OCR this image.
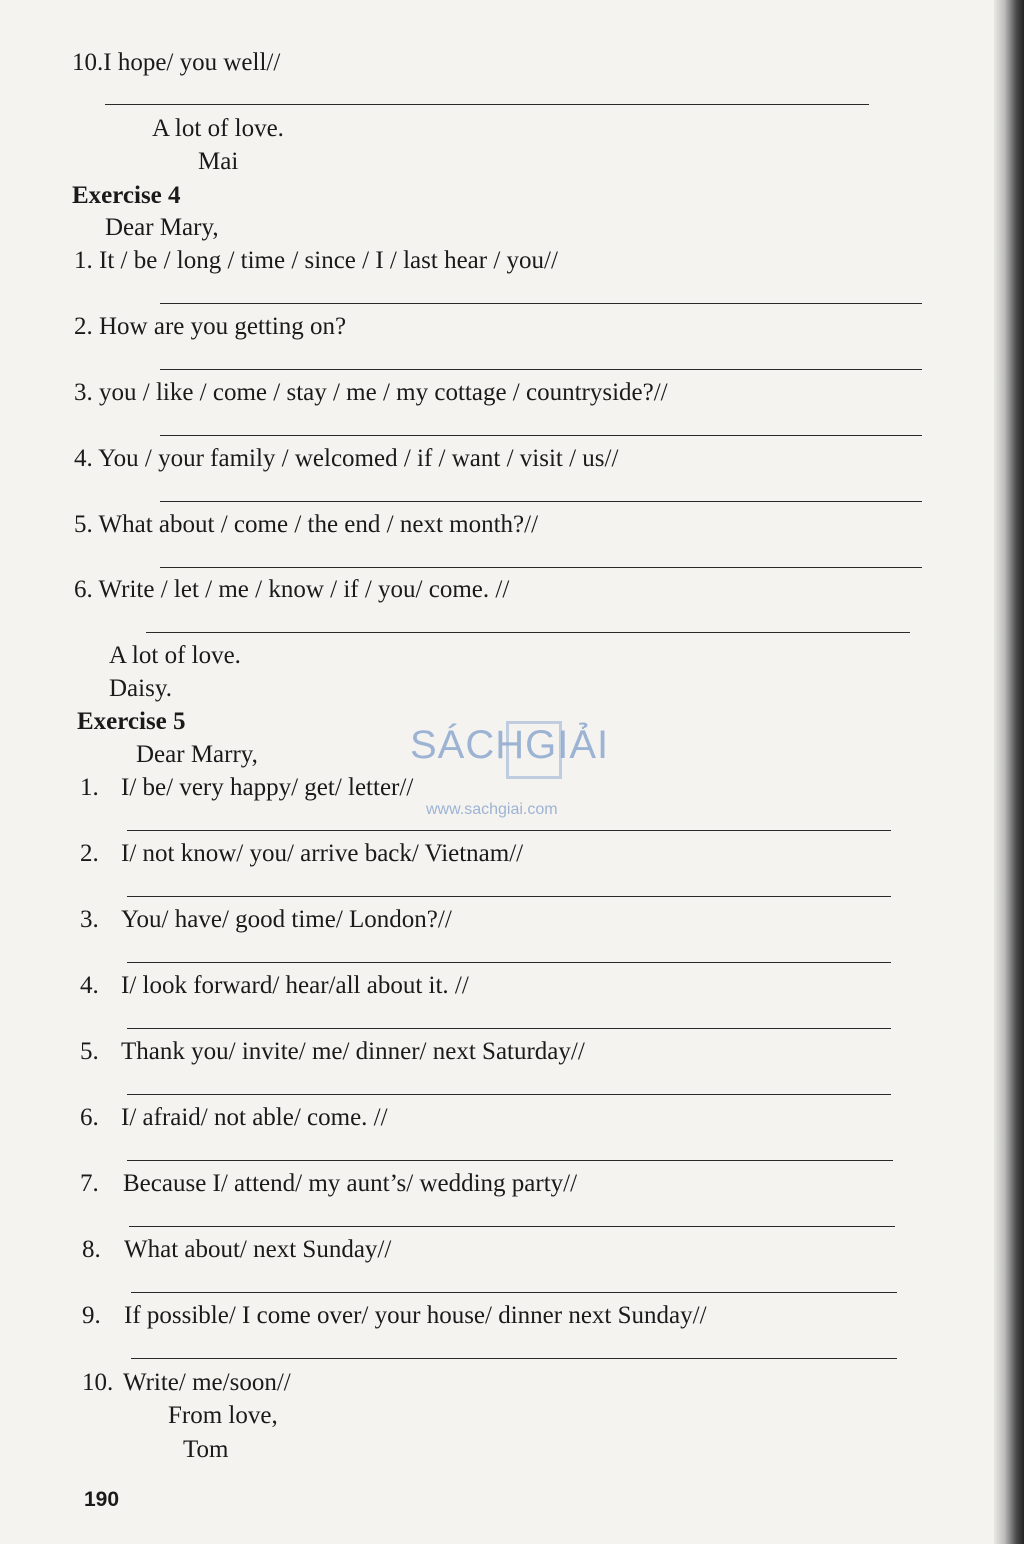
10.I hope/ you well//
A lot of love.
Mai
Exercise 4
Dear Mary,
1. It / be / long / time / since / I / last hear / you//
2. How are you getting on?
3. you / like / come / stay / me / my cottage / countryside?//
4. You / your family / welcomed / if / want / visit / us//
5. What about / come / the end / next month?//
6. Write / let / me / know / if / you/ come. //
A lot of love.
Daisy.
Exercise 5
Dear Marry,
1. I/ be/ very happy/ get/ letter//
2. I/ not know/ you/ arrive back/ Vietnam//
3. You/ have/ good time/ London?//
4. I/ look forward/ hear/all about it. //
5. Thank you/ invite/ me/ dinner/ next Saturday//
6. I/ afraid/ not able/ come. //
7. Because I/ attend/ my aunt’s/ wedding party//
8. What about/ next Sunday//
9. If possible/ I come over/ your house/ dinner next Sunday//
10. Write/ me/soon//
From love,
Tom
SÁCHGIẢI
www.sachgiai.com
190
